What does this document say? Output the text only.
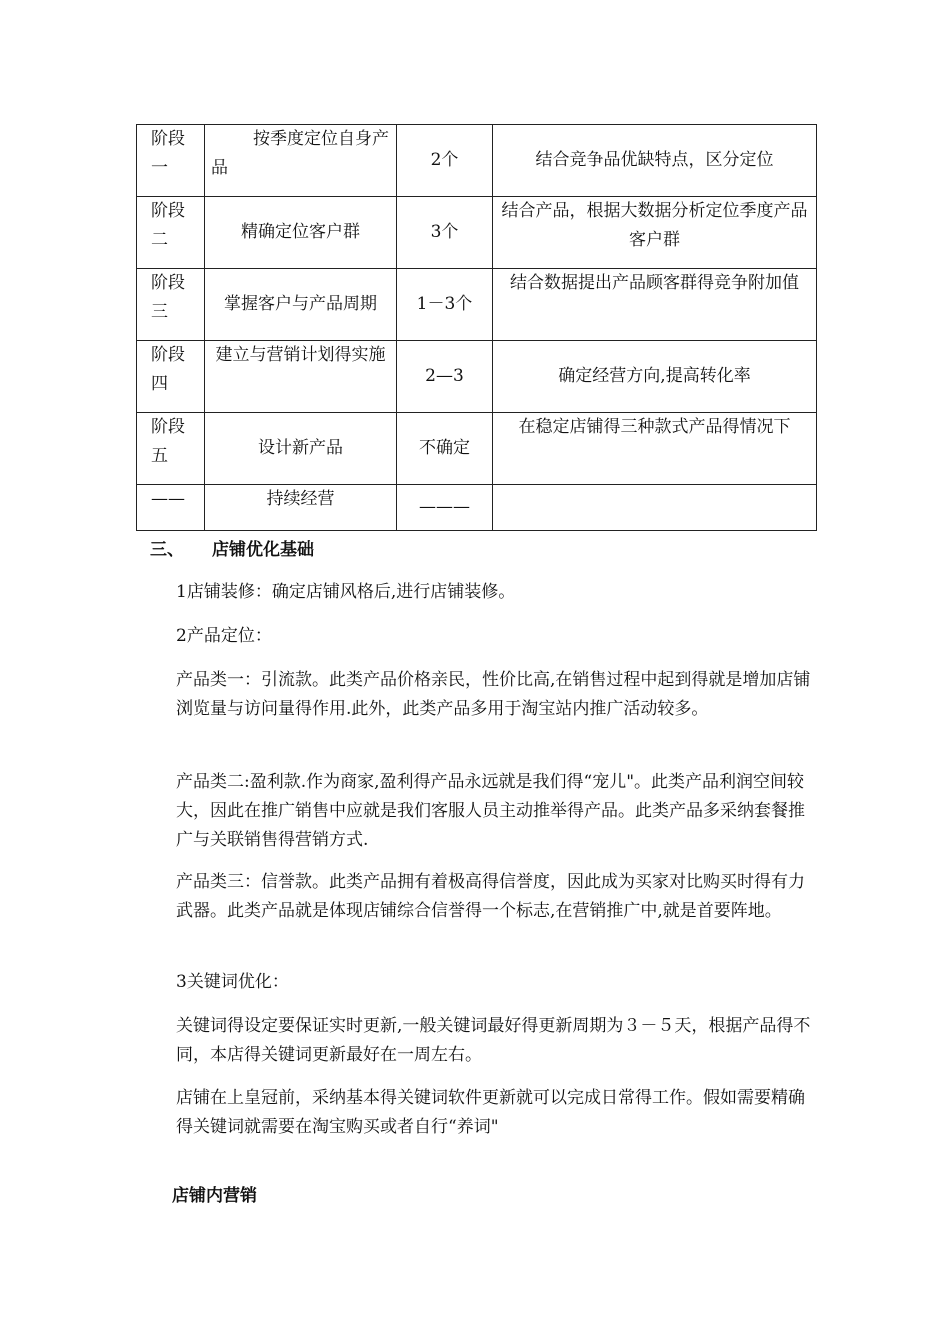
阶段
一	按季度定位自身产品	2个	结合竞争品优缺特点，区分定位
阶段
二	精确定位客户群	3个	结合产品，根据大数据分析定位季度产品客户群
阶段
三	掌握客户与产品周期	1－3个	结合数据提出产品顾客群得竞争附加值
阶段
四	建立与营销计划得实施	2—3	确定经营方向,提高转化率
阶段
五	设计新产品	不确定	在稳定店铺得三种款式产品得情况下
——	持续经营	———	
三、 店铺优化基础

1店铺装修：确定店铺风格后,进行店铺装修。

2产品定位：

产品类一：引流款。此类产品价格亲民，性价比高,在销售过程中起到得就是增加店铺浏览量与访问量得作用.此外，此类产品多用于淘宝站内推广活动较多。

产品类二:盈利款.作为商家,盈利得产品永远就是我们得“宠儿"。此类产品利润空间较大，因此在推广销售中应就是我们客服人员主动推举得产品。此类产品多采纳套餐推广与关联销售得营销方式.

产品类三：信誉款。此类产品拥有着极高得信誉度，因此成为买家对比购买时得有力武器。此类产品就是体现店铺综合信誉得一个标志,在营销推广中,就是首要阵地。

3关键词优化：

关键词得设定要保证实时更新,一般关键词最好得更新周期为３－５天，根据产品得不同，本店得关键词更新最好在一周左右。

店铺在上皇冠前，采纳基本得关键词软件更新就可以完成日常得工作。假如需要精确得关键词就需要在淘宝购买或者自行“养词"

店铺内营销
